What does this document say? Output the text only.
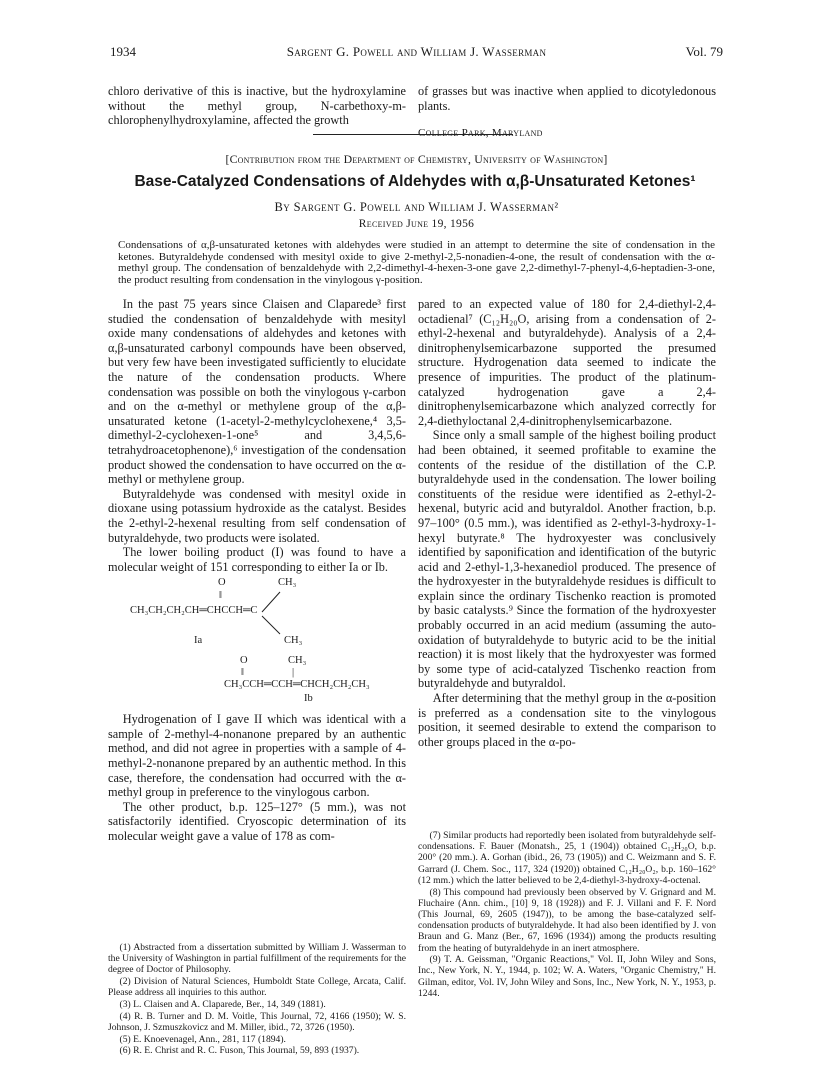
1934	Sargent G. Powell and William J. Wasserman	Vol. 79

chloro derivative of this is inactive, but the hydroxylamine without the methyl group, N-carbethoxy-m-chlorophenylhydroxylamine, affected the growth

of grasses but was inactive when applied to dicotyledonous plants.

College Park, Maryland

[Contribution from the Department of Chemistry, University of Washington]
Base-Catalyzed Condensations of Aldehydes with α,β-Unsaturated Ketones¹
By Sargent G. Powell and William J. Wasserman²
Received June 19, 1956
Condensations of α,β-unsaturated ketones with aldehydes were studied in an attempt to determine the site of condensation in the ketones. Butyraldehyde condensed with mesityl oxide to give 2-methyl-2,5-nonadien-4-one, the result of condensation with the α-methyl group. The condensation of benzaldehyde with 2,2-dimethyl-4-hexen-3-one gave 2,2-dimethyl-7-phenyl-4,6-heptadien-3-one, the product resulting from condensation in the vinylogous γ-position.

In the past 75 years since Claisen and Claparede³ first studied the condensation of benzaldehyde with mesityl oxide many condensations of aldehydes and ketones with α,β-unsaturated carbonyl compounds have been observed, but very few have been investigated sufficiently to elucidate the nature of the condensation products. Where condensation was possible on both the vinylogous γ-carbon and on the α-methyl or methylene group of the α,β-unsaturated ketone (1-acetyl-2-methylcyclohexene,⁴ 3,5-dimethyl-2-cyclohexen-1-one⁵ and 3,4,5,6-tetrahydroacetophenone),⁶ investigation of the condensation product showed the condensation to have occurred on the α-methyl or methylene group.

Butyraldehyde was condensed with mesityl oxide in dioxane using potassium hydroxide as the catalyst. Besides the 2-ethyl-2-hexenal resulting from self condensation of butyraldehyde, two products were isolated.

The lower boiling product (I) was found to have a molecular weight of 151 corresponding to either Ia or Ib.

O	CH₃
‖
CH₃CH₂CH₂CH═CHCCH═C
Ia	CH₃
O	CH₃
‖	|
CH₃CCH═CCH═CHCH₂CH₂CH₃
Ib

Hydrogenation of I gave II which was identical with a sample of 2-methyl-4-nonanone prepared by an authentic method, and did not agree in properties with a sample of 4-methyl-2-nonanone prepared by an authentic method. In this case, therefore, the condensation had occurred with the α-methyl group in preference to the vinylogous carbon.

The other product, b.p. 125–127° (5 mm.), was not satisfactorily identified. Cryoscopic determination of its molecular weight gave a value of 178 as com-

pared to an expected value of 180 for 2,4-diethyl-2,4-octadienal⁷ (C₁₂H₂₀O, arising from a condensation of 2-ethyl-2-hexenal and butyraldehyde). Analysis of a 2,4-dinitrophenylsemicarbazone supported the presumed structure. Hydrogenation data seemed to indicate the presence of impurities. The product of the platinum-catalyzed hydrogenation gave a 2,4-dinitrophenylsemicarbazone which analyzed correctly for 2,4-diethyloctanal 2,4-dinitrophenylsemicarbazone.

Since only a small sample of the highest boiling product had been obtained, it seemed profitable to examine the contents of the residue of the distillation of the C.P. butyraldehyde used in the condensation. The lower boiling constituents of the residue were identified as 2-ethyl-2-hexenal, butyric acid and butyraldol. Another fraction, b.p. 97–100° (0.5 mm.), was identified as 2-ethyl-3-hydroxy-1-hexyl butyrate.⁸ The hydroxyester was conclusively identified by saponification and identification of the butyric acid and 2-ethyl-1,3-hexanediol produced. The presence of the hydroxyester in the butyraldehyde residues is difficult to explain since the ordinary Tischenko reaction is promoted by basic catalysts.⁹ Since the formation of the hydroxyester probably occurred in an acid medium (assuming the auto-oxidation of butyraldehyde to butyric acid to be the initial reaction) it is most likely that the hydroxyester was formed by some type of acid-catalyzed Tischenko reaction from butyraldehyde and butyraldol.

After determining that the methyl group in the α-position is preferred as a condensation site to the vinylogous position, it seemed desirable to extend the comparison to other groups placed in the α-po-

(1) Abstracted from a dissertation submitted by William J. Wasserman to the University of Washington in partial fulfillment of the requirements for the degree of Doctor of Philosophy.

(2) Division of Natural Sciences, Humboldt State College, Arcata, Calif. Please address all inquiries to this author.

(3) L. Claisen and A. Claparede, Ber., 14, 349 (1881).

(4) R. B. Turner and D. M. Voitle, This Journal, 72, 4166 (1950); W. S. Johnson, J. Szmuszkovicz and M. Miller, ibid., 72, 3726 (1950).

(5) E. Knoevenagel, Ann., 281, 117 (1894).

(6) R. E. Christ and R. C. Fuson, This Journal, 59, 893 (1937).

(7) Similar products had reportedly been isolated from butyraldehyde self-condensations. F. Bauer (Monatsh., 25, 1 (1904)) obtained C₁₂H₂₀O, b.p. 200° (20 mm.). A. Gorhan (ibid., 26, 73 (1905)) and C. Weizmann and S. F. Garrard (J. Chem. Soc., 117, 324 (1920)) obtained C₁₂H₂₀O₂, b.p. 160–162° (12 mm.) which the latter believed to be 2,4-diethyl-3-hydroxy-4-octenal.

(8) This compound had previously been observed by V. Grignard and M. Fluchaire (Ann. chim., [10] 9, 18 (1928)) and F. J. Villani and F. F. Nord (This Journal, 69, 2605 (1947)), to be among the base-catalyzed self-condensation products of butyraldehyde. It had also been identified by J. von Braun and G. Manz (Ber., 67, 1696 (1934)) among the products resulting from the heating of butyraldehyde in an inert atmosphere.

(9) T. A. Geissman, "Organic Reactions," Vol. II, John Wiley and Sons, Inc., New York, N. Y., 1944, p. 102; W. A. Waters, "Organic Chemistry," H. Gilman, editor, Vol. IV, John Wiley and Sons, Inc., New York, N. Y., 1953, p. 1244.
